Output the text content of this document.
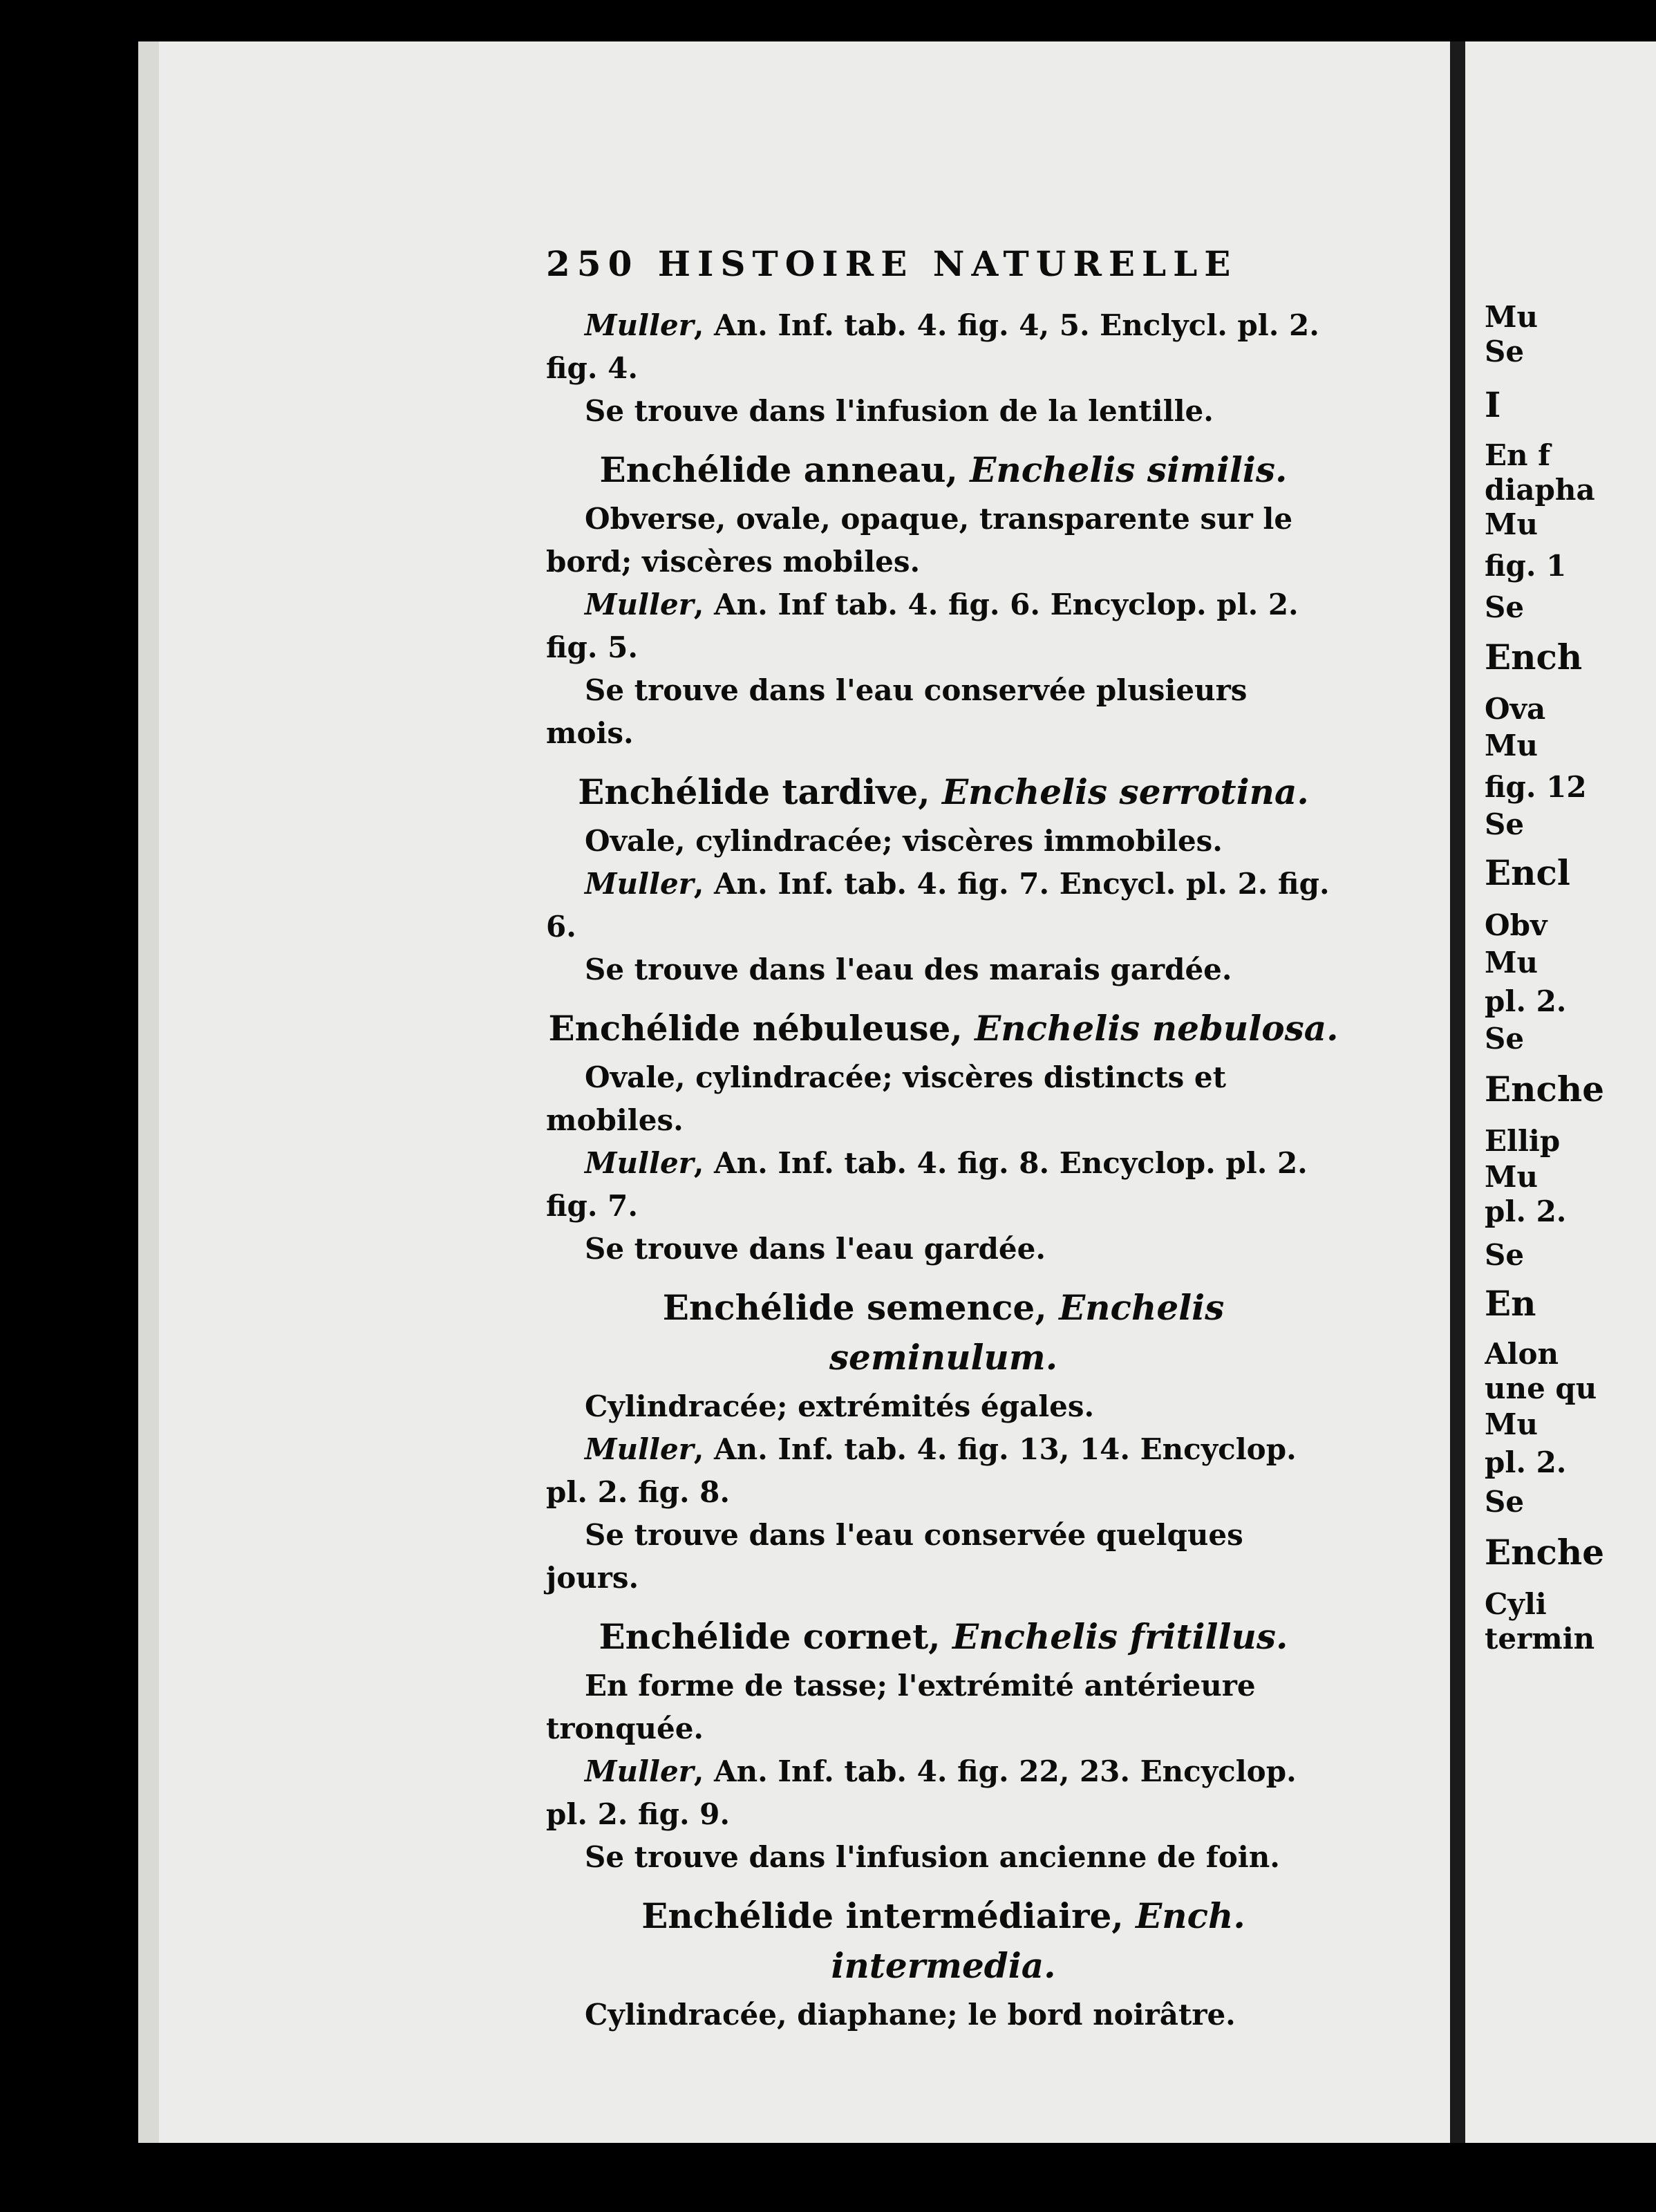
250 HISTOIRE NATURELLE

Muller, An. Inf. tab. 4. fig. 4, 5. Enclycl. pl. 2. fig. 4.

Se trouve dans l'infusion de la lentille.

Enchélide anneau, Enchelis similis.

Obverse, ovale, opaque, transparente sur le bord; viscères mobiles.

Muller, An. Inf tab. 4. fig. 6. Encyclop. pl. 2. fig. 5.

Se trouve dans l'eau conservée plusieurs mois.

Enchélide tardive, Enchelis serrotina.

Ovale, cylindracée; viscères immobiles.

Muller, An. Inf. tab. 4. fig. 7. Encycl. pl. 2. fig. 6.

Se trouve dans l'eau des marais gardée.

Enchélide nébuleuse, Enchelis nebulosa.

Ovale, cylindracée; viscères distincts et mobiles.

Muller, An. Inf. tab. 4. fig. 8. Encyclop. pl. 2. fig. 7.

Se trouve dans l'eau gardée.

Enchélide semence, Enchelis seminulum.

Cylindracée; extrémités égales.

Muller, An. Inf. tab. 4. fig. 13, 14. Encyclop. pl. 2. fig. 8.

Se trouve dans l'eau conservée quelques jours.

Enchélide cornet, Enchelis fritillus.

En forme de tasse; l'extrémité antérieure tronquée.

Muller, An. Inf. tab. 4. fig. 22, 23. Encyclop. pl. 2. fig. 9.

Se trouve dans l'infusion ancienne de foin.

Enchélide intermédiaire, Ench. intermedia.

Cylindracée, diaphane; le bord noirâtre.

Mu
Se
I
En f
diapha
Mu
fig. 1
Se
Ench
Ova
Mu
fig. 12
Se
Encl
Obv
Mu
pl. 2.
Se
Enche
Ellip
Mu
pl. 2.
Se
En
Alon
une qu
Mu
pl. 2.
Se
Enche
Cyli
termin
